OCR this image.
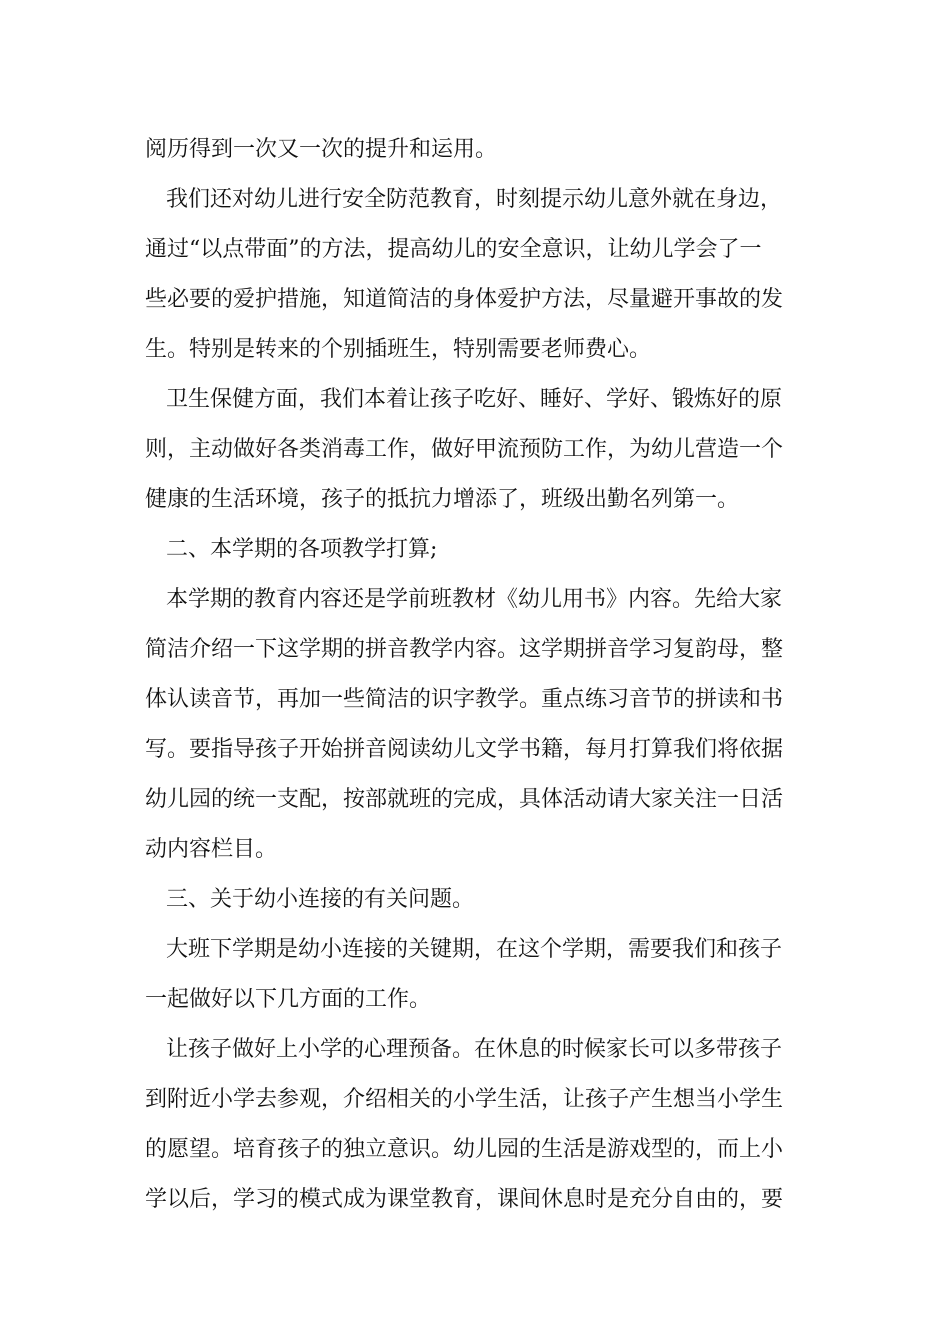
阅历得到一次又一次的提升和运用。
我们还对幼儿进行安全防范教育，时刻提示幼儿意外就在身边，
通过“以点带面”的方法，提高幼儿的安全意识，让幼儿学会了一
些必要的爱护措施，知道简洁的身体爱护方法，尽量避开事故的发
生。特别是转来的个别插班生，特别需要老师费心。
卫生保健方面，我们本着让孩子吃好、睡好、学好、锻炼好的原
则，主动做好各类消毒工作，做好甲流预防工作，为幼儿营造一个
健康的生活环境，孩子的抵抗力增添了，班级出勤名列第一。
二、本学期的各项教学打算;
本学期的教育内容还是学前班教材《幼儿用书》内容。先给大家
简洁介绍一下这学期的拼音教学内容。这学期拼音学习复韵母，整
体认读音节，再加一些简洁的识字教学。重点练习音节的拼读和书
写。要指导孩子开始拼音阅读幼儿文学书籍，每月打算我们将依据
幼儿园的统一支配，按部就班的完成，具体活动请大家关注一日活
动内容栏目。
三、关于幼小连接的有关问题。
大班下学期是幼小连接的关键期，在这个学期，需要我们和孩子
一起做好以下几方面的工作。
让孩子做好上小学的心理预备。在休息的时候家长可以多带孩子
到附近小学去参观，介绍相关的小学生活，让孩子产生想当小学生
的愿望。培育孩子的独立意识。幼儿园的生活是游戏型的，而上小
学以后，学习的模式成为课堂教育，课间休息时是充分自由的，要
